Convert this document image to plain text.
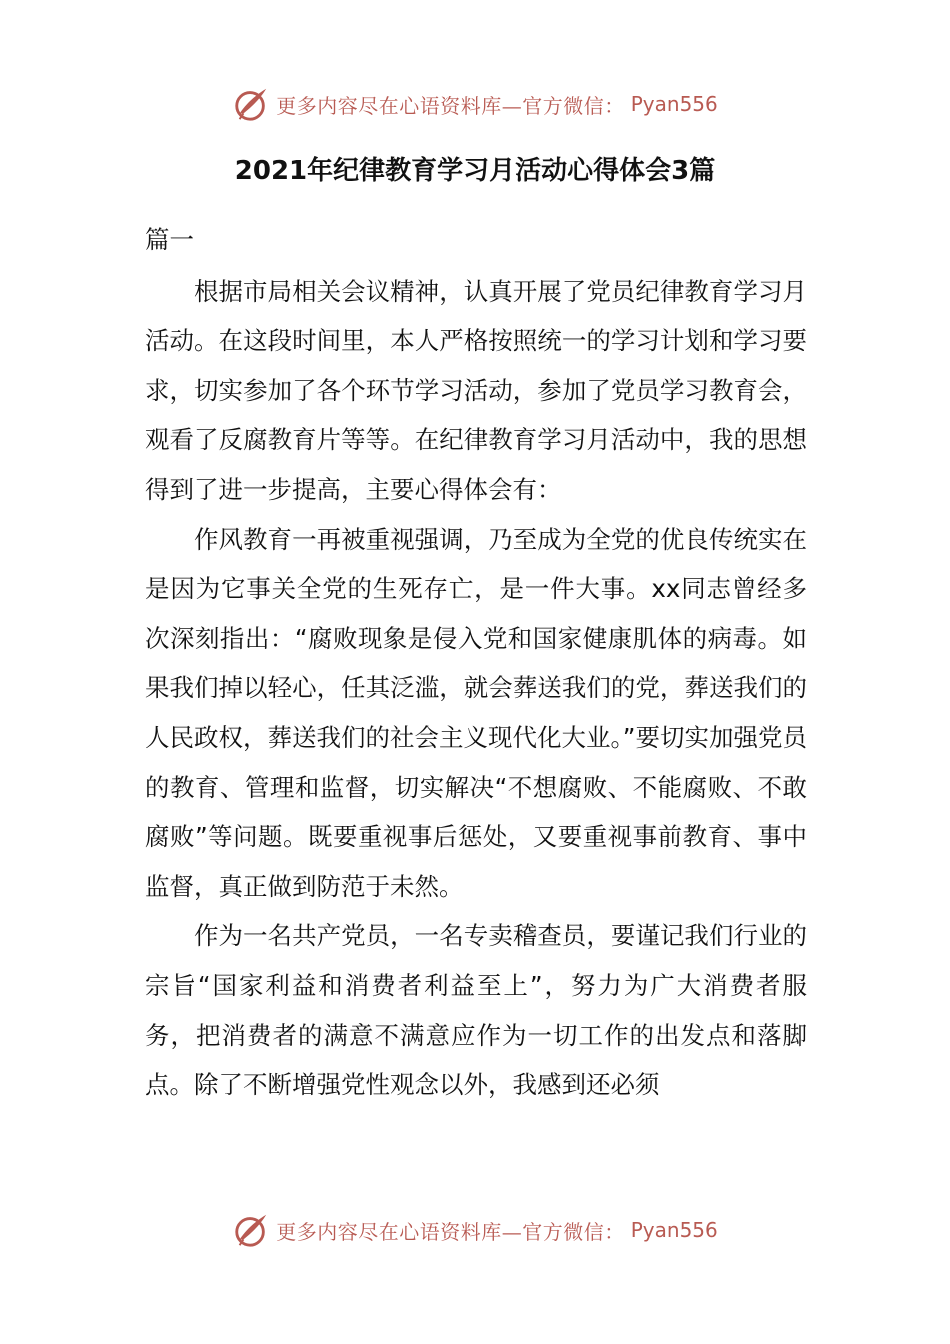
更多内容尽在心语资料库—官方微信： Pyan556
2021年纪律教育学习月活动心得体会3篇

篇一

根据市局相关会议精神，认真开展了党员纪律教育学习月活动。在这段时间里，本人严格按照统一的学习计划和学习要求，切实参加了各个环节学习活动，参加了党员学习教育会，观看了反腐教育片等等。在纪律教育学习月活动中，我的思想得到了进一步提高，主要心得体会有：

作风教育一再被重视强调，乃至成为全党的优良传统实在是因为它事关全党的生死存亡，是一件大事。xx同志曾经多次深刻指出：“腐败现象是侵入党和国家健康肌体的病毒。如果我们掉以轻心，任其泛滥，就会葬送我们的党，葬送我们的人民政权，葬送我们的社会主义现代化大业。”要切实加强党员的教育、管理和监督，切实解决“不想腐败、不能腐败、不敢腐败”等问题。既要重视事后惩处，又要重视事前教育、事中监督，真正做到防范于未然。

作为一名共产党员，一名专卖稽查员，要谨记我们行业的宗旨“国家利益和消费者利益至上”，努力为广大消费者服务，把消费者的满意不满意应作为一切工作的出发点和落脚点。除了不断增强党性观念以外，我感到还必须

更多内容尽在心语资料库—官方微信： Pyan556
